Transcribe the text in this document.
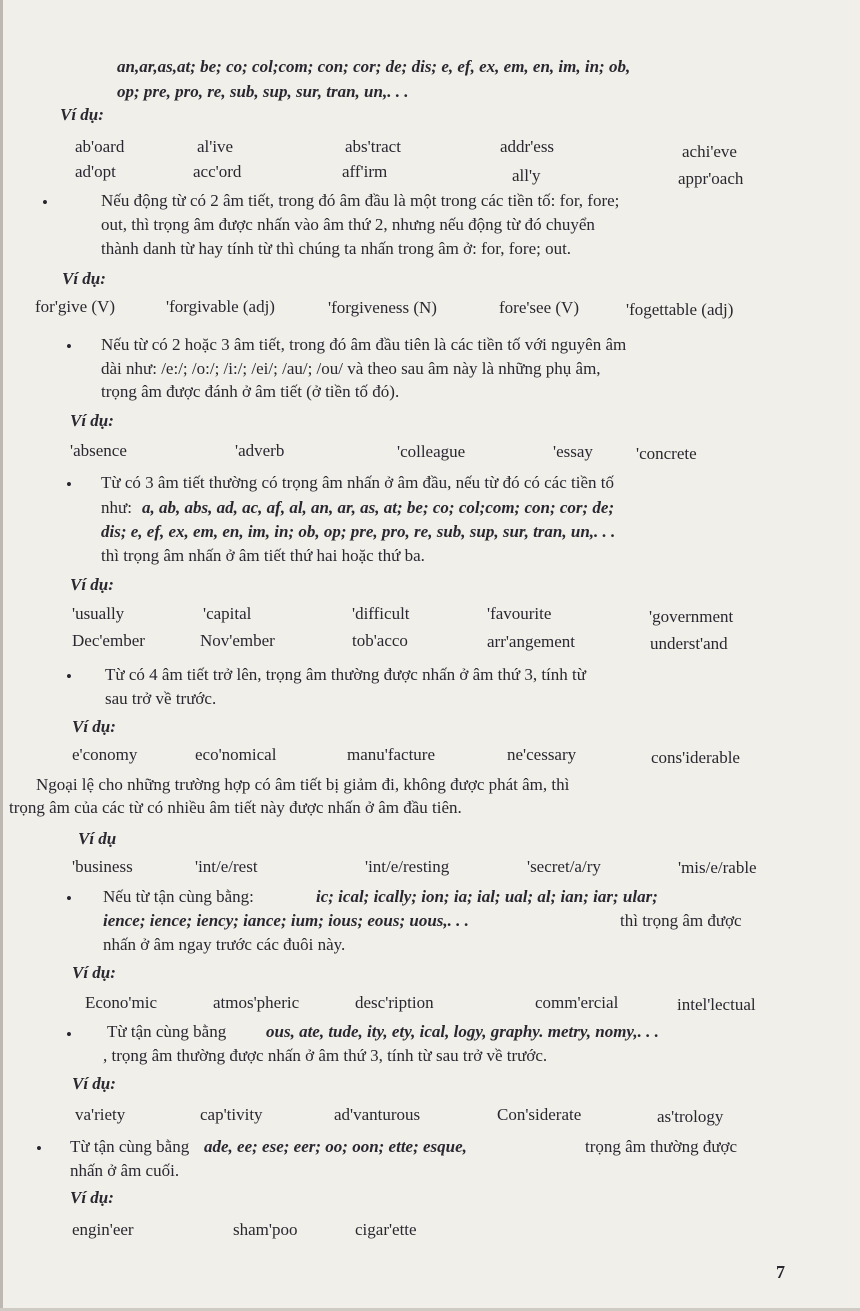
an,ar,as,at; be; co; col;com; con; cor; de; dis; e, ef, ex, em, en, im, in; ob,
op; pre, pro, re, sub, sup, sur, tran, un,. . .
Ví dụ:
ab'oard	al'ive	abs'tract	addr'ess	achi'eve
ad'opt	acc'ord	aff'irm	all'y	appr'oach
•	Nếu động từ có 2 âm tiết, trong đó âm đầu là một trong các tiền tố: for, fore;
out, thì trọng âm được nhấn vào âm thứ 2, nhưng nếu động từ đó chuyển
thành danh từ hay tính từ thì chúng ta nhấn trong âm ở: for, fore; out.
Ví dụ:
for'give (V)	'forgivable (adj)	'forgiveness (N)	fore'see (V)	'fogettable (adj)
• Nếu từ có 2 hoặc 3 âm tiết, trong đó âm đầu tiên là các tiền tố với nguyên âm
dài như: /e:/; /o:/; /i:/; /ei/; /au/; /ou/ và theo sau âm này là những phụ âm,
trọng âm được đánh ở âm tiết (ở tiền tố đó).
Ví dụ:
'absence	'adverb	'colleague	'essay	'concrete
• Từ có 3 âm tiết thường có trọng âm nhấn ở âm đầu, nếu từ đó có các tiền tố
như: a, ab, abs, ad, ac, af, al, an, ar, as, at; be; co; col;com; con; cor; de;
dis; e, ef, ex, em, en, im, in; ob, op; pre, pro, re, sub, sup, sur, tran, un,. . .
thì trọng âm nhấn ở âm tiết thứ hai hoặc thứ ba.
Ví dụ:
'usually	'capital	'difficult	'favourite	'government
Dec'ember	Nov'ember	tob'acco	arr'angement	underst'and
• Từ có 4 âm tiết trở lên, trọng âm thường được nhấn ở âm thứ 3, tính từ
sau trở về trước.
Ví dụ:
e'conomy	eco'nomical	manu'facture	ne'cessary	cons'iderable
Ngoại lệ cho những trường hợp có âm tiết bị giảm đi, không được phát âm, thì
trọng âm của các từ có nhiều âm tiết này được nhấn ở âm đầu tiên.
Ví dụ
'business	'int/e/rest	'int/e/resting	'secret/a/ry	'mis/e/rable
• Nếu từ tận cùng bằng:	ic; ical; ically; ion; ia; ial; ual; al; ian; iar; ular;
ience; ience; iency; iance; ium; ious; eous; uous,. . .	thì trọng âm được
nhấn ở âm ngay trước các đuôi này.
Ví dụ:
Econo'mic	atmos'pheric	desc'ription	comm'ercial	intel'lectual
• Từ tận cùng bằng ous, ate, tude, ity, ety, ical, logy, graphy. metry, nomy,. . .
, trọng âm thường được nhấn ở âm thứ 3, tính từ sau trở về trước.
Ví dụ:
va'riety	cap'tivity	ad'vanturous	Con'siderate	as'trology
• Từ tận cùng bằng ade, ee; ese; eer; oo; oon; ette; esque,	trọng âm thường được
nhấn ở âm cuối.
Ví dụ:
engin'eer	sham'poo	cigar'ette
7
